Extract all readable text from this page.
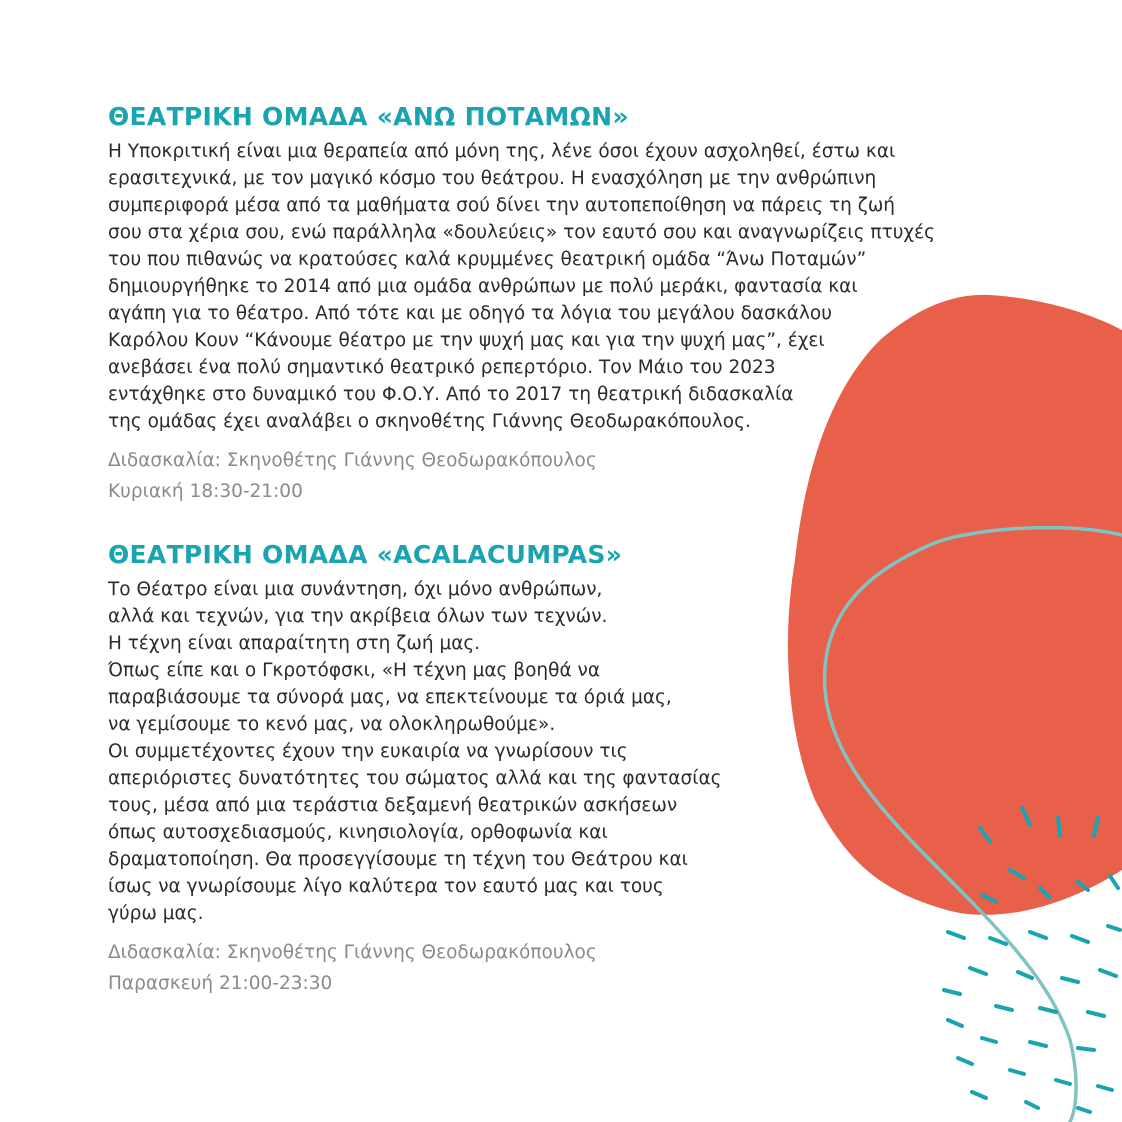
ΘΕΑΤΡΙΚΗ ΟΜΑΔΑ «ΑΝΩ ΠΟΤΑΜΩΝ»
Η Υποκριτική είναι μια θεραπεία από μόνη της, λένε όσοι έχουν ασχοληθεί, έστω και
ερασιτεχνικά, με τον μαγικό κόσμο του θεάτρου. Η ενασχόληση με την ανθρώπινη
συμπεριφορά μέσα από τα μαθήματα σού δίνει την αυτοπεποίθηση να πάρεις τη ζωή
σου στα χέρια σου, ενώ παράλληλα «δουλεύεις» τον εαυτό σου και αναγνωρίζεις πτυχές
του που πιθανώς να κρατούσες καλά κρυμμένες θεατρική ομάδα “Άνω Ποταμών”
δημιουργήθηκε το 2014 από μια ομάδα ανθρώπων με πολύ μεράκι, φαντασία και
αγάπη για το θέατρο. Από τότε και με οδηγό τα λόγια του μεγάλου δασκάλου
Καρόλου Κουν “Κάνουμε θέατρο με την ψυχή μας και για την ψυχή μας”, έχει
ανεβάσει ένα πολύ σημαντικό θεατρικό ρεπερτόριο. Τον Μάιο του 2023
εντάχθηκε στο δυναμικό του Φ.Ο.Υ. Από το 2017 τη θεατρική διδασκαλία
της ομάδας έχει αναλάβει ο σκηνοθέτης Γιάννης Θεοδωρακόπουλος.
Διδασκαλία: Σκηνοθέτης Γιάννης Θεοδωρακόπουλος
Κυριακή 18:30-21:00
ΘΕΑΤΡΙΚΗ ΟΜΑΔΑ «ACALACUMPAS»
Το Θέατρο είναι μια συνάντηση, όχι μόνο ανθρώπων,
αλλά και τεχνών, για την ακρίβεια όλων των τεχνών.
Η τέχνη είναι απαραίτητη στη ζωή μας.
Όπως είπε και ο Γκροτόφσκι, «Η τέχνη μας βοηθά να
παραβιάσουμε τα σύνορά μας, να επεκτείνουμε τα όριά μας,
να γεμίσουμε το κενό μας, να ολοκληρωθούμε».
Οι συμμετέχοντες έχουν την ευκαιρία να γνωρίσουν τις
απεριόριστες δυνατότητες του σώματος αλλά και της φαντασίας
τους, μέσα από μια τεράστια δεξαμενή θεατρικών ασκήσεων
όπως αυτοσχεδιασμούς, κινησιολογία, ορθοφωνία και
δραματοποίηση. Θα προσεγγίσουμε τη τέχνη του Θεάτρου και
ίσως να γνωρίσουμε λίγο καλύτερα τον εαυτό μας και τους
γύρω μας.
Διδασκαλία: Σκηνοθέτης Γιάννης Θεοδωρακόπουλος
Παρασκευή 21:00-23:30
